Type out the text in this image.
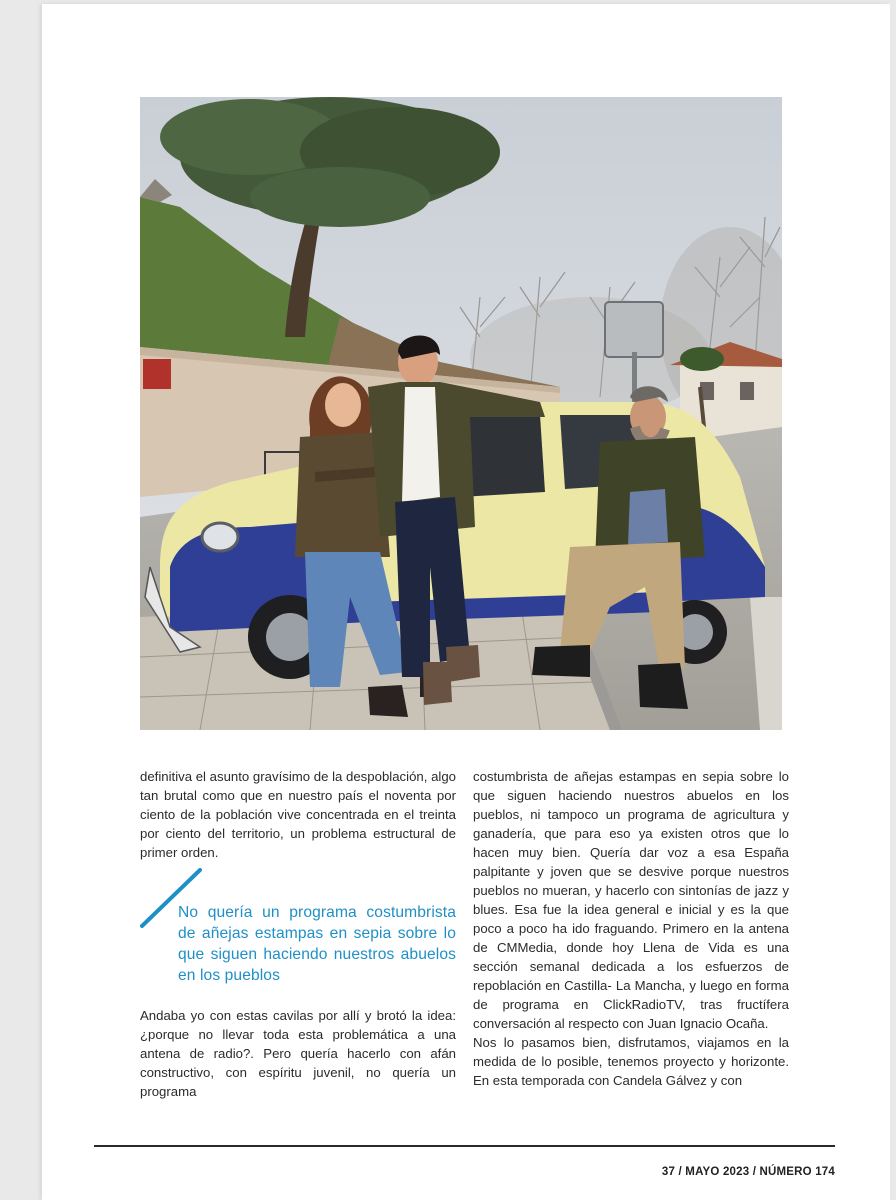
definitiva el asunto gravísimo de la despoblación, algo tan brutal como que en nuestro país el noventa por ciento de la población vive concentrada en el treinta por ciento del territorio, un problema estructural de primer orden.

No quería un programa costumbrista de añejas estampas en sepia sobre lo que siguen haciendo nuestros abuelos en los pueblos

Andaba yo con estas cavilas por allí y brotó la idea: ¿porque no llevar toda esta problemática a una antena de radio?. Pero quería hacerlo con afán constructivo, con espíritu juvenil, no quería un programa

costumbrista de añejas estampas en sepia sobre lo que siguen haciendo nuestros abuelos en los pueblos, ni tampoco un programa de agricultura y ganadería, que para eso ya existen otros que lo hacen muy bien. Quería dar voz a esa España palpitante y joven que se desvive porque nuestros pueblos no mueran, y hacerlo con sintonías de jazz y blues. Esa fue la idea general e inicial y es la que poco a poco ha ido fraguando. Primero en la antena de CMMedia, donde hoy Llena de Vida es una sección semanal dedicada a los esfuerzos de repoblación en Castilla- La Mancha, y luego en forma de programa en ClickRadioTV, tras fructífera conversación al respecto con Juan Ignacio Ocaña.

Nos lo pasamos bien, disfrutamos, viajamos en la medida de lo posible, tenemos proyecto y horizonte. En esta temporada con Candela Gálvez y con

37 / MAYO 2023 / NÚMERO 174
